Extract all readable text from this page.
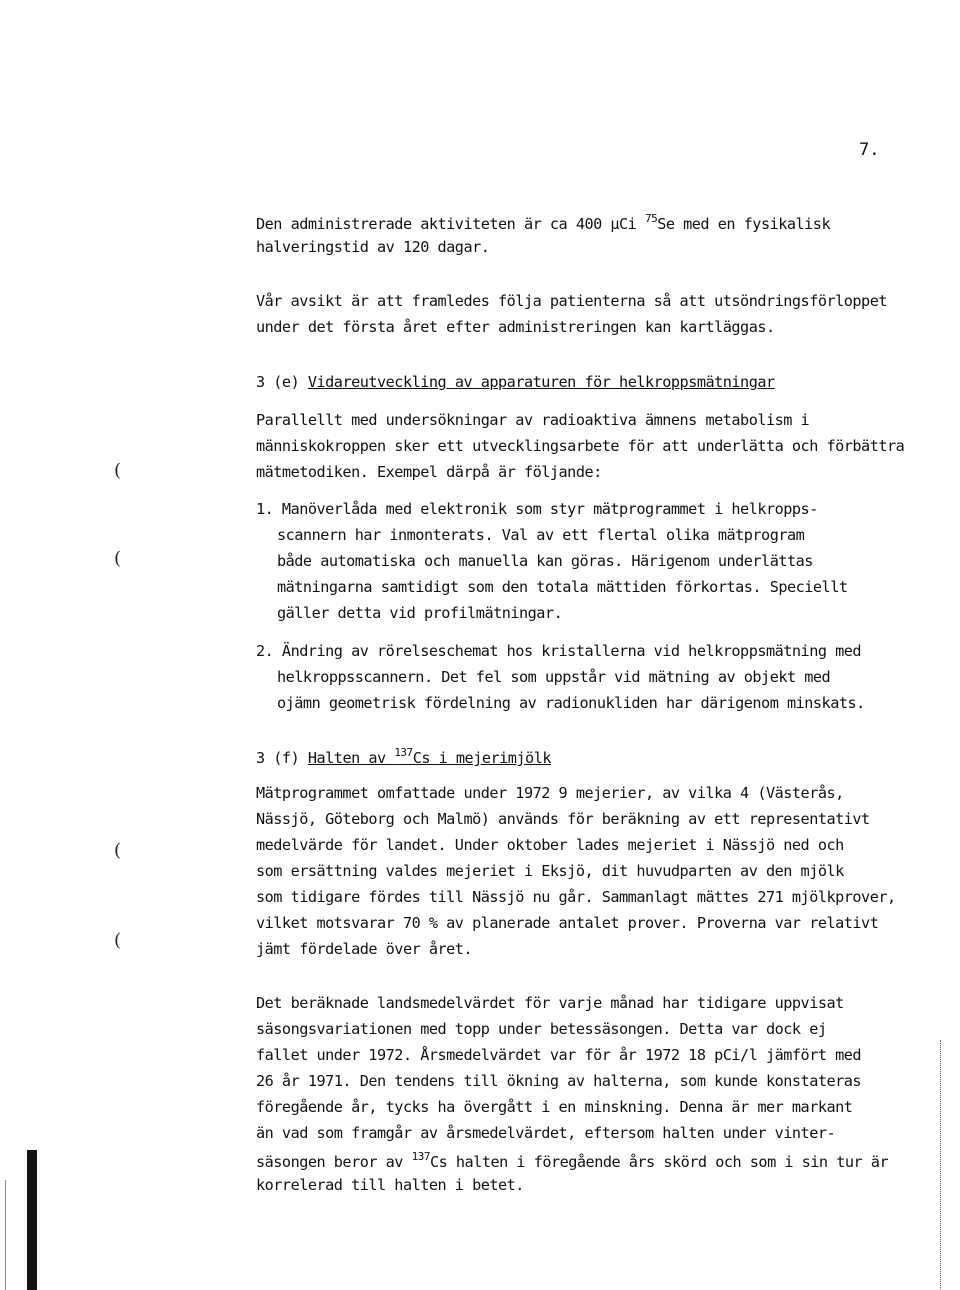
7.
Den administrerade aktiviteten är ca 400 μCi $^{75}$Se med en fysikalisk
halveringstid av 120 dagar.
Vår avsikt är att framledes följa patienterna så att utsöndringsförloppet
under det första året efter administreringen kan kartläggas.
3 (e) Vidareutveckling av apparaturen för helkroppsmätningar
Parallellt med undersökningar av radioaktiva ämnens metabolism i
människokroppen sker ett utvecklingsarbete för att underlätta och förbättra
mätmetodiken. Exempel därpå är följande:
1. Manöverlåda med elektronik som styr mätprogrammet i helkropps-
scannern har inmonterats. Val av ett flertal olika mätprogram
både automatiska och manuella kan göras. Härigenom underlättas
mätningarna samtidigt som den totala mättiden förkortas. Speciellt
gäller detta vid profilmätningar.
2. Ändring av rörelseschemat hos kristallerna vid helkroppsmätning med
helkroppsscannern. Det fel som uppstår vid mätning av objekt med
ojämn geometrisk fördelning av radionukliden har därigenom minskats.
3 (f) Halten av $^{137}$Cs i mejerimjölk
Mätprogrammet omfattade under 1972 9 mejerier, av vilka 4 (Västerås,
Nässjö, Göteborg och Malmö) används för beräkning av ett representativt
medelvärde för landet. Under oktober lades mejeriet i Nässjö ned och
som ersättning valdes mejeriet i Eksjö, dit huvudparten av den mjölk
som tidigare fördes till Nässjö nu går. Sammanlagt mättes 271 mjölkprover,
vilket motsvarar 70 % av planerade antalet prover. Proverna var relativt
jämt fördelade över året.
Det beräknade landsmedelvärdet för varje månad har tidigare uppvisat
säsongsvariationen med topp under betessäsongen. Detta var dock ej
fallet under 1972. Årsmedelvärdet var för år 1972 18 pCi/l jämfört med
26 år 1971. Den tendens till ökning av halterna, som kunde konstateras
föregående år, tycks ha övergått i en minskning. Denna är mer markant
än vad som framgår av årsmedelvärdet, eftersom halten under vinter-
säsongen beror av $^{137}$Cs halten i föregående års skörd och som i sin tur är
korrelerad till halten i betet.
(
(
(
(
